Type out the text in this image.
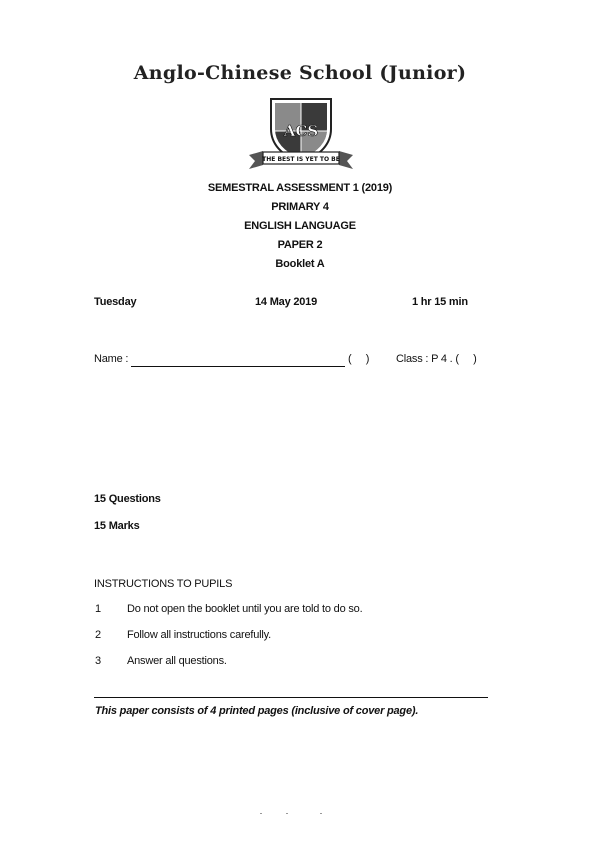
Anglo-Chinese School (Junior)
ACS
THE BEST IS YET TO BE
SEMESTRAL ASSESSMENT 1 (2019)
PRIMARY 4
ENGLISH LANGUAGE
PAPER 2
Booklet A
Tuesday	14 May 2019	1 hr 15 min
Name :	(     ) Class : P 4 . (     )
15 Questions
15 Marks
INSTRUCTIONS TO PUPILS
1 Do not open the booklet until you are told to do so.
2 Follow all instructions carefully.
3 Answer all questions.
This paper consists of 4 printed pages (inclusive of cover page).
